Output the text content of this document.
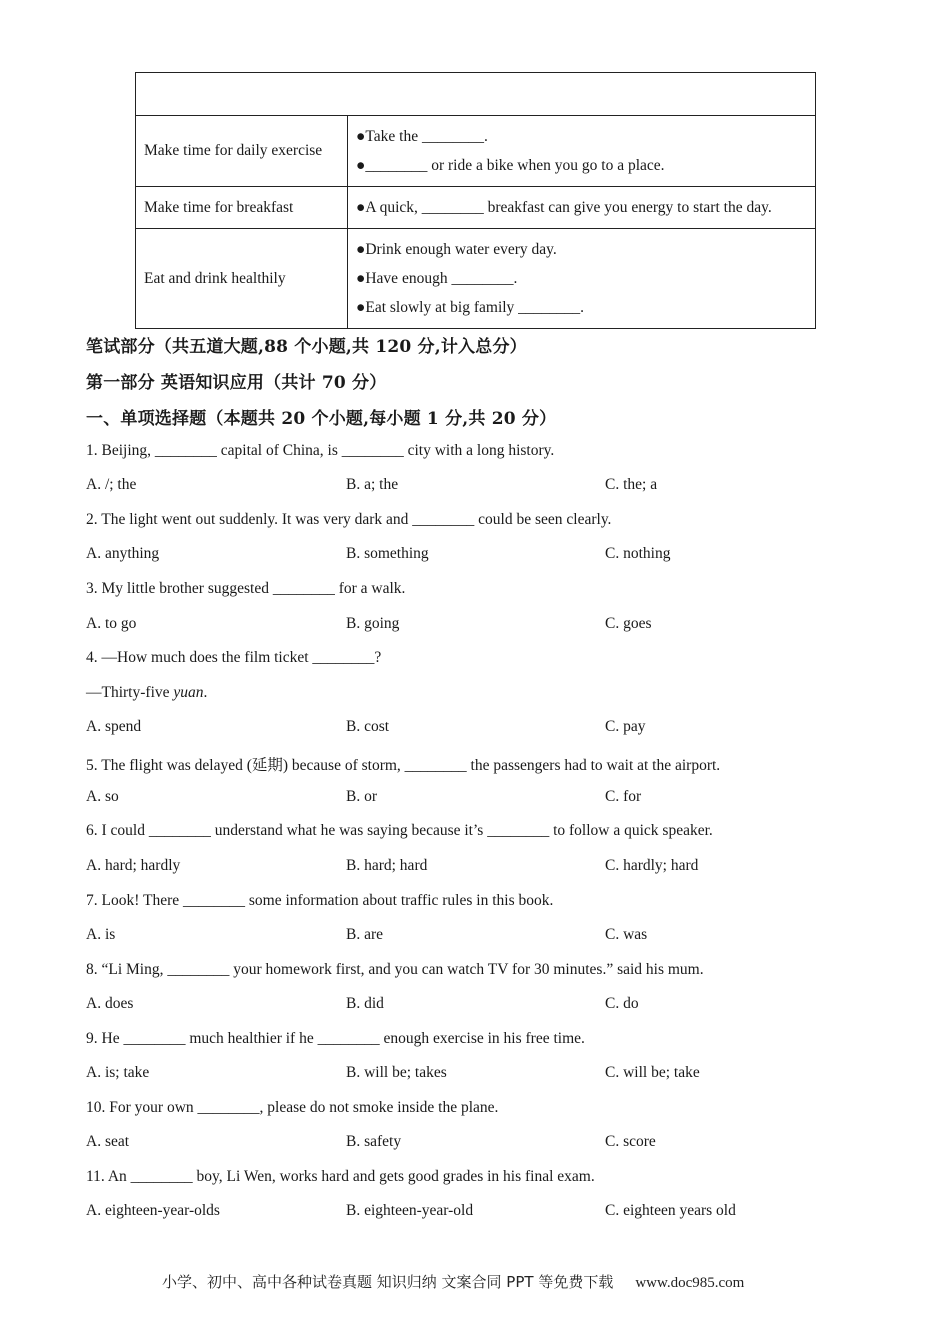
Make time for daily exercise	●Take the ________.
●________ or ride a bike when you go to a place.

Make time for breakfast	●A quick, ________ breakfast can give you energy to start the day.

Eat and drink healthily	●Drink enough water every day.
●Have enough ________.
●Eat slowly at big family ________.
笔试部分（共五道大题,88 个小题,共 120 分,计入总分）
第一部分 英语知识应用（共计 70 分）
一、单项选择题（本题共 20 个小题,每小题 1 分,共 20 分）
1. Beijing, ________ capital of China, is ________ city with a long history.
A. /; the	B. a; the	C. the; a
2. The light went out suddenly. It was very dark and ________ could be seen clearly.
A. anything	B. something	C. nothing
3. My little brother suggested ________ for a walk.
A. to go	B. going	C. goes
4. —How much does the film ticket ________?
—Thirty-five yuan.
A. spend	B. cost	C. pay
5. The flight was delayed (延期) because of storm, ________ the passengers had to wait at the airport.
A. so	B. or	C. for
6. I could ________ understand what he was saying because it’s ________ to follow a quick speaker.
A. hard; hardly	B. hard; hard	C. hardly; hard
7. Look! There ________ some information about traffic rules in this book.
A. is	B. are	C. was
8. “Li Ming, ________ your homework first, and you can watch TV for 30 minutes.” said his mum.
A. does	B. did	C. do
9. He ________ much healthier if he ________ enough exercise in his free time.
A. is; take	B. will be; takes	C. will be; take
10. For your own ________, please do not smoke inside the plane.
A. seat	B. safety	C. score
11. An ________ boy, Li Wen, works hard and gets good grades in his final exam.
A. eighteen-year-olds	B. eighteen-year-old	C. eighteen years old
小学、初中、高中各种试卷真题 知识归纳 文案合同 PPT 等免费下载 www.doc985.com
